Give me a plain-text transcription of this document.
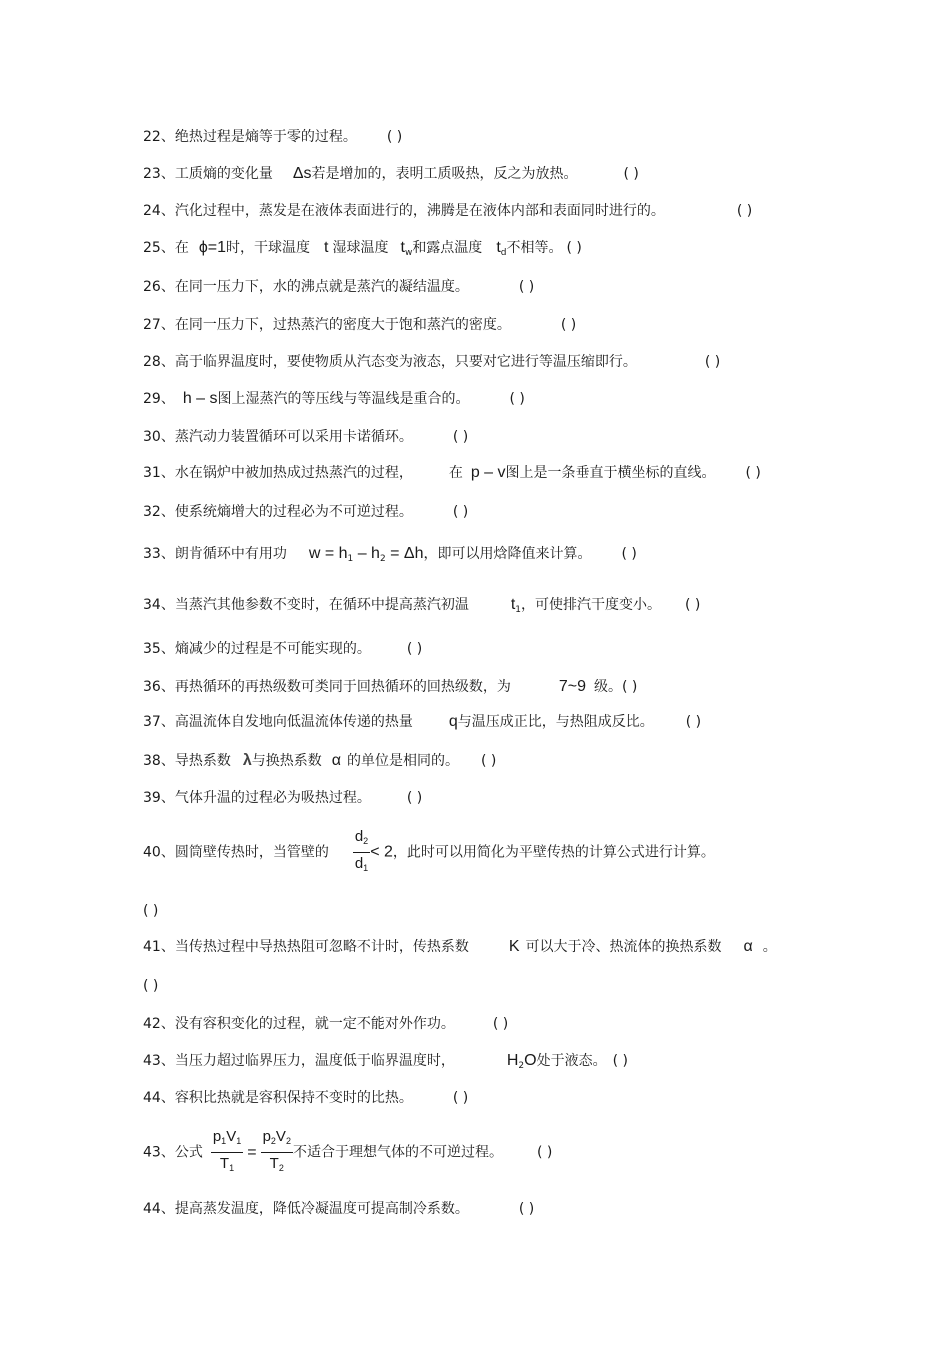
22、绝热过程是熵等于零的过程。 ( )
23、工质熵的变化量 Δs若是增加的，表明工质吸热，反之为放热。	( )
24、汽化过程中，蒸发是在液体表面进行的，沸腾是在液体内部和表面同时进行的。	( )
25、在 ϕ=1时，干球温度 t 湿球温度 $t_w$和露点温度 $t_d$不相等。 ( )
26、在同一压力下，水的沸点就是蒸汽的凝结温度。	( )
27、在同一压力下，过热蒸汽的密度大于饱和蒸汽的密度。	( )
28、高于临界温度时，要使物质从汽态变为液态，只要对它进行等温压缩即行。	( )
29、 h – s图上湿蒸汽的等压线与等温线是重合的。	( )
30、蒸汽动力装置循环可以采用卡诺循环。	( )
31、水在锅炉中被加热成过热蒸汽的过程，	在 p – v图上是一条垂直于横坐标的直线。 ( )
32、使系统熵增大的过程必为不可逆过程。	( )
33、朗肯循环中有用功 $w = h_1 - h_2 = \Delta h$，即可以用焓降值来计算。 ( )
34、当蒸汽其他参数不变时，在循环中提高蒸汽初温	$t_1$，可使排汽干度变小。 ( )
35、熵减少的过程是不可能实现的。	( )
36、再热循环的再热级数可类同于回热循环的回热级数，为	7~9 级。( )
37、高温流体自发地向低温流体传递的热量 q与温压成正比，与热阻成反比。 ( )
38、导热系数 λ与换热系数 α 的单位是相同的。 ( )
39、气体升温的过程必为吸热过程。	( )
40、圆筒壁传热时，当管壁的 $\frac{d_2}{d_1} < 2$，此时可以用简化为平壁传热的计算公式进行计算。
( )
41、当传热过程中导热热阻可忽略不计时，传热系数	K 可以大于冷、热流体的换热系数 α 。
( )
42、没有容积变化的过程，就一定不能对外作功。	( )
43、当压力超过临界压力，温度低于临界温度时，	$H_2O$处于液态。 ( )
44、容积比热就是容积保持不变时的比热。	( )
43、公式 $\frac{p_1V_1}{T_1} = \frac{p_2V_2}{T_2}$ 不适合于理想气体的不可逆过程。 ( )
44、提高蒸发温度，降低冷凝温度可提高制冷系数。	( )
